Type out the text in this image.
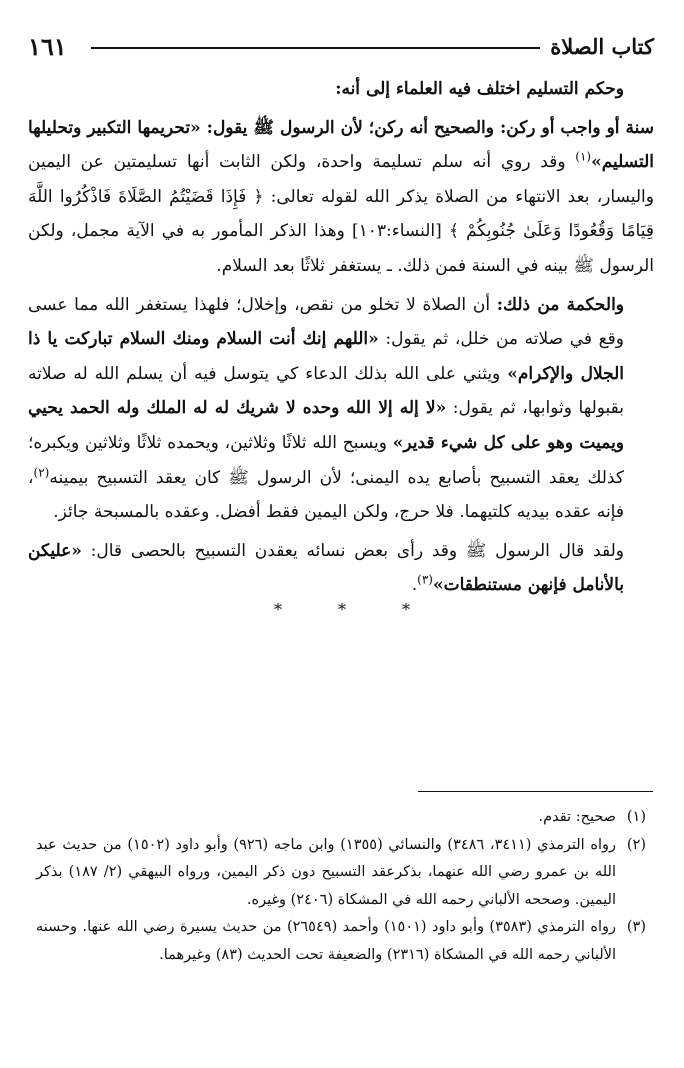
١٦١	كتاب الصلاة

وحكم التسليم اختلف فيه العلماء إلى أنه:

سنة أو واجب أو ركن: والصحيح أنه ركن؛ لأن الرسول ﷺ يقول: «تحريمها التكبير وتحليلها التسليم»$^{(١)}$ وقد روي أنه سلم تسليمة واحدة، ولكن الثابت أنها تسليمتين عن اليمين واليسار، بعد الانتهاء من الصلاة يذكر الله لقوله تعالى: ﴿ فَإِذَا قَضَيْتُمُ الصَّلَاةَ فَاذْكُرُوا اللَّهَ قِيَامًا وَقُعُودًا وَعَلَىٰ جُنُوبِكُمْ ﴾ [النساء:١٠٣] وهذا الذكر المأمور به في الآية مجمل، ولكن الرسول ﷺ بينه في السنة فمن ذلك. ـ يستغفر ثلاثًا بعد السلام.

والحكمة من ذلك: أن الصلاة لا تخلو من نقص، وإخلال؛ فلهذا يستغفر الله مما عسى وقع في صلاته من خلل، ثم يقول: «اللهم إنك أنت السلام ومنك السلام تباركت يا ذا الجلال والإكرام» ويثني على الله بذلك الدعاء كي يتوسل فيه أن يسلم الله له صلاته بقبولها وثوابها، ثم يقول: «لا إله إلا الله وحده لا شريك له له الملك وله الحمد يحيي ويميت وهو على كل شيء قدير» ويسبح الله ثلاثًا وثلاثين، ويحمده ثلاثًا وثلاثين ويكبره؛ كذلك يعقد التسبيح بأصابع يده اليمنى؛ لأن الرسول ﷺ كان يعقد التسبيح بيمينه$^{(٢)}$، فإنه عقده بيديه كلتيهما. فلا حرج، ولكن اليمين فقط أفضل. وعقده بالمسبحة جائز.

ولقد قال الرسول ﷺ وقد رأى بعض نسائه يعقدن التسبيح بالحصى قال: «عليكن بالأنامل فإنهن مستنطقات»$^{(٣)}$.

*	*	*
(١)
صحيح: تقدم.
(٢)
رواه الترمذي (٣٤١١، ٣٤٨٦) والنسائي (١٣٥٥) وابن ماجه (٩٢٦) وأبو داود (١٥٠٢) من حديث عبد الله بن عمرو رضي الله عنهما، بذكرعقد التسبيح دون ذكر اليمين، ورواه البيهقي (٢/ ١٨٧) بذكر اليمين. وصححه الألباني رحمه الله في المشكاة (٢٤٠٦) وغيره.
(٣)
رواه الترمذي (٣٥٨٣) وأبو داود (١٥٠١) وأحمد (٢٦٥٤٩) من حديث يسيرة رضي الله عنها. وحسنه الألباني رحمه الله في المشكاة (٢٣١٦) والضعيفة تحت الحديث (٨٣) وغيرهما.
